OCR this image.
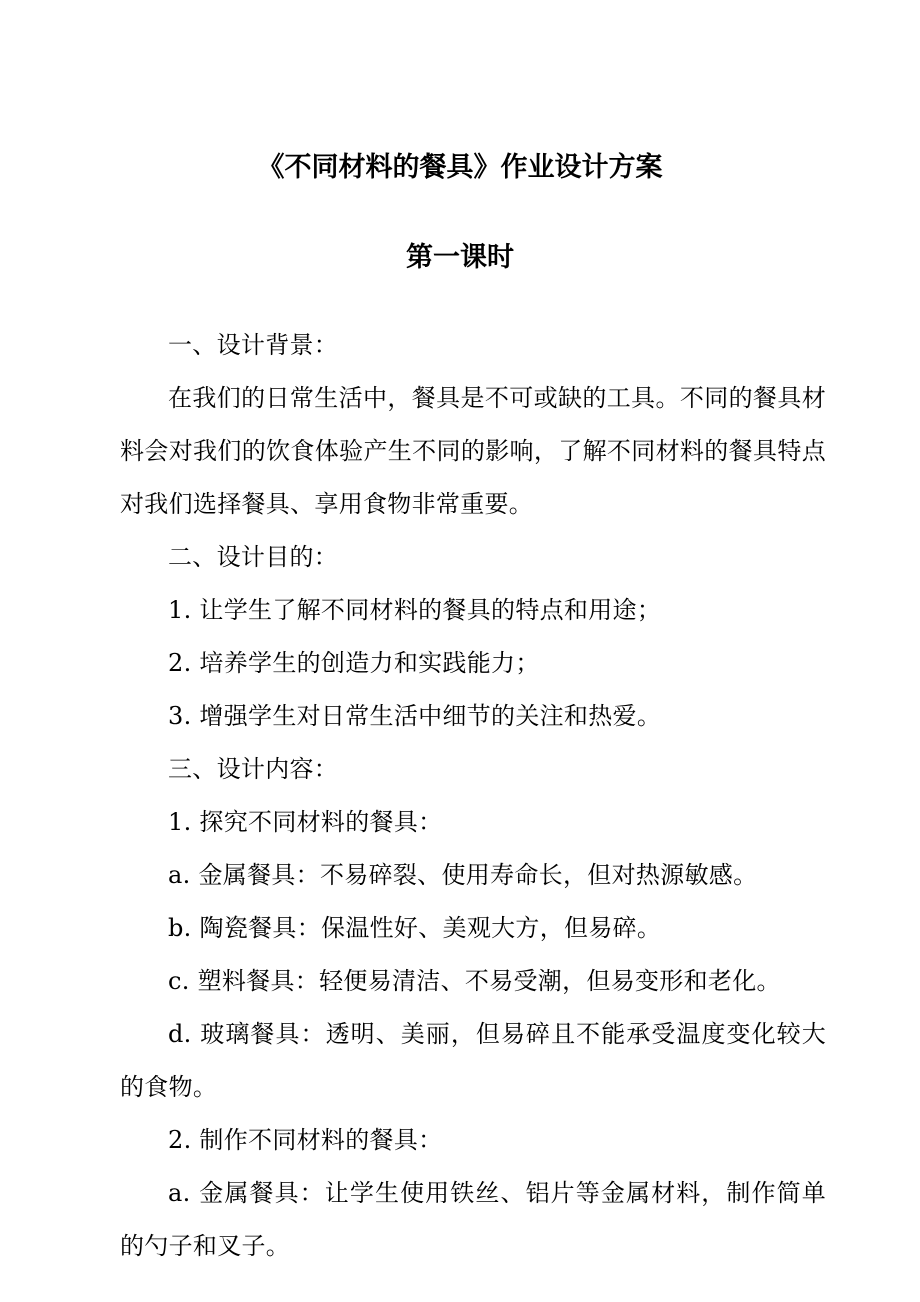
《不同材料的餐具》作业设计方案
第一课时

一、设计背景：

在我们的日常生活中，餐具是不可或缺的工具。不同的餐具材料会对我们的饮食体验产生不同的影响，了解不同材料的餐具特点对我们选择餐具、享用食物非常重要。

二、设计目的：

1. 让学生了解不同材料的餐具的特点和用途；

2. 培养学生的创造力和实践能力；

3. 增强学生对日常生活中细节的关注和热爱。

三、设计内容：

1. 探究不同材料的餐具：

a. 金属餐具：不易碎裂、使用寿命长，但对热源敏感。

b. 陶瓷餐具：保温性好、美观大方，但易碎。

c. 塑料餐具：轻便易清洁、不易受潮，但易变形和老化。

d. 玻璃餐具：透明、美丽，但易碎且不能承受温度变化较大的食物。

2. 制作不同材料的餐具：

a. 金属餐具：让学生使用铁丝、铝片等金属材料，制作简单的勺子和叉子。
